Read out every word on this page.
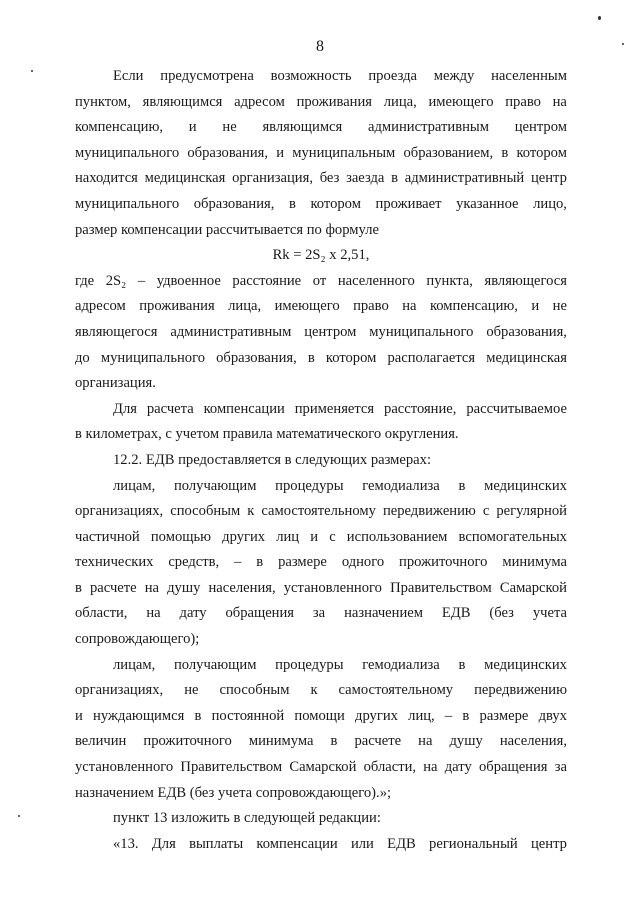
8
Если предусмотрена возможность проезда между населенным
пунктом, являющимся адресом проживания лица, имеющего право на
компенсацию, и не являющимся административным центром
муниципального образования, и муниципальным образованием, в котором
находится медицинская организация, без заезда в административный центр
муниципального образования, в котором проживает указанное лицо,
размер компенсации рассчитывается по формуле
Rk = 2S₂ x 2,51,
где 2S₂ – удвоенное расстояние от населенного пункта, являющегося
адресом проживания лица, имеющего право на компенсацию, и не
являющегося административным центром муниципального образования,
до муниципального образования, в котором располагается медицинская
организация.
Для расчета компенсации применяется расстояние, рассчитываемое
в километрах, с учетом правила математического округления.
12.2. ЕДВ предоставляется в следующих размерах:
лицам, получающим процедуры гемодиализа в медицинских
организациях, способным к самостоятельному передвижению с регулярной
частичной помощью других лиц и с использованием вспомогательных
технических средств, – в размере одного прожиточного минимума
в расчете на душу населения, установленного Правительством Самарской
области, на дату обращения за назначением ЕДВ (без учета
сопровождающего);
лицам, получающим процедуры гемодиализа в медицинских
организациях, не способным к самостоятельному передвижению
и нуждающимся в постоянной помощи других лиц, – в размере двух
величин прожиточного минимума в расчете на душу населения,
установленного Правительством Самарской области, на дату обращения за
назначением ЕДВ (без учета сопровождающего).»;
пункт 13 изложить в следующей редакции:
«13. Для выплаты компенсации или ЕДВ региональный центр
